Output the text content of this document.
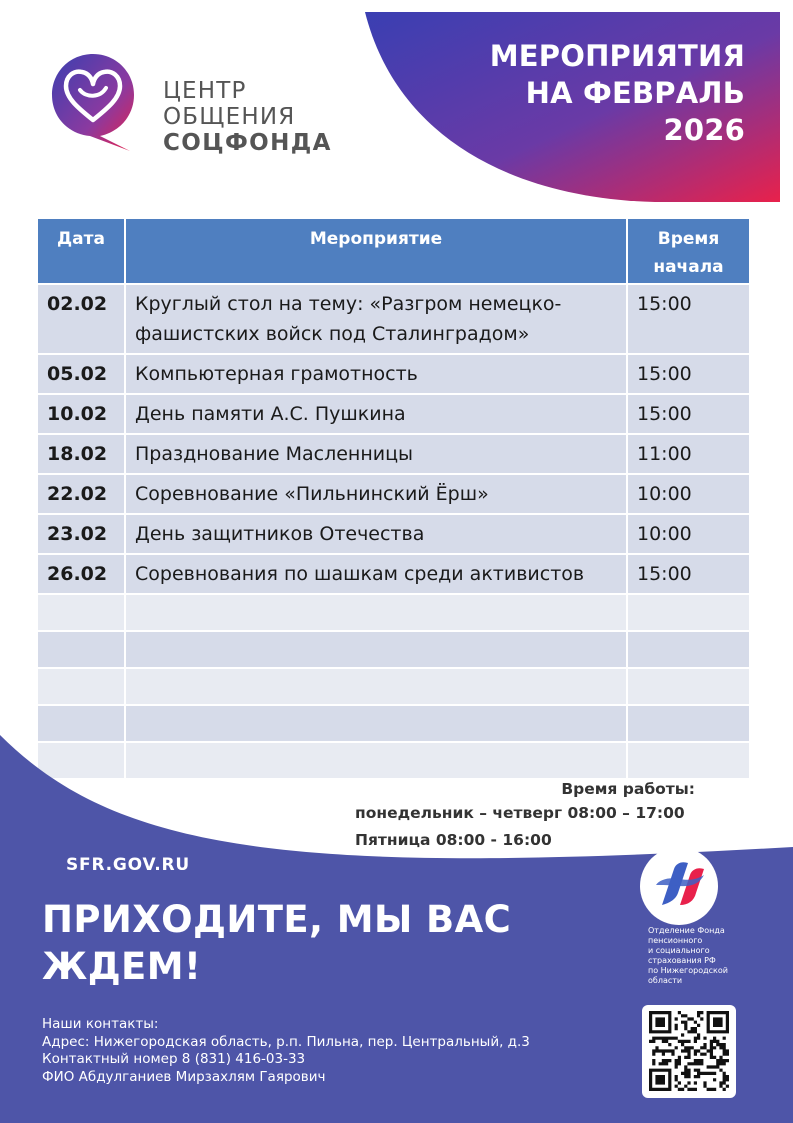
МЕРОПРИЯТИЯ
НА ФЕВРАЛЬ
2026
ЦЕНТР
ОБЩЕНИЯ
СОЦФОНДА
Дата	Мероприятие	Время
начала

02.02	Круглый стол на тему: «Разгром немецко-
фашистских войск под Сталинградом»	15:00
05.02	Компьютерная грамотность	15:00
10.02	День памяти А.С. Пушкина	15:00
18.02	Празднование Масленницы	11:00
22.02	Соревнование «Пильнинский Ёрш»	10:00
23.02	День защитников Отечества	10:00
26.02	Соревнования по шашкам среди активистов	15:00

Время работы:
понедельник – четверг 08:00 – 17:00
Пятница 08:00 - 16:00
SFR.GOV.RU
ПРИХОДИТЕ, МЫ ВАС
ЖДЕМ!
Наши контакты:
Адрес: Нижегородская область, р.п. Пильна, пер. Центральный, д.3
Контактный номер 8 (831) 416-03-33
ФИО Абдулганиев Мирзахлям Гаярович
Отделение Фонда
пенсионного
и социального
страхования РФ
по Нижегородской
области
